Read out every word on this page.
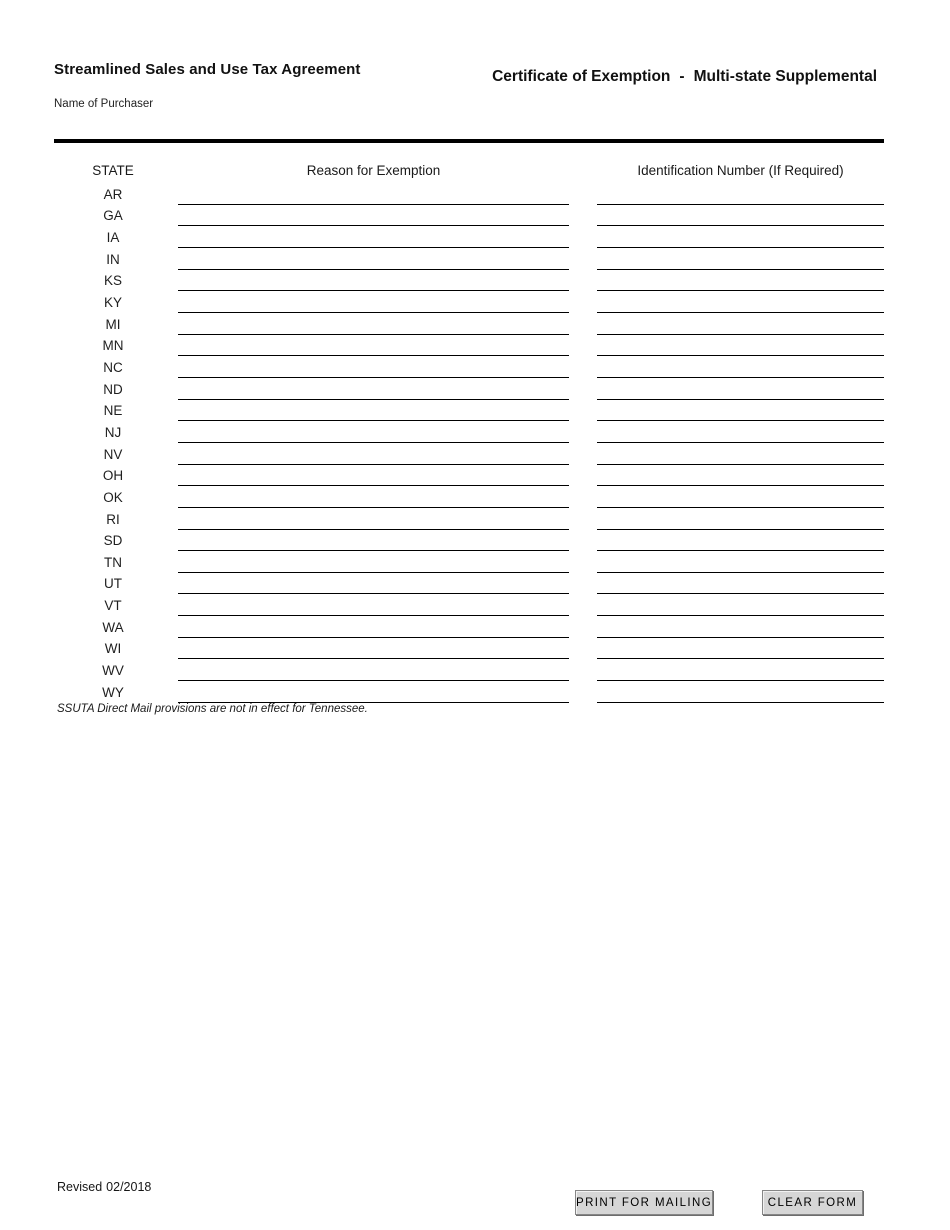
Streamlined Sales and Use Tax Agreement	Certificate of Exemption - Multi-state Supplemental
Name of Purchaser
STATE	Reason for Exemption	Identification Number (If Required)
AR
GA
IA
IN
KS
KY
MI
MN
NC
ND
NE
NJ
NV
OH
OK
RI
SD
TN
UT
VT
WA
WI
WV
WY
SSUTA Direct Mail provisions are not in effect for Tennessee.
Revised 02/2018
PRINT FOR MAILING	CLEAR FORM
